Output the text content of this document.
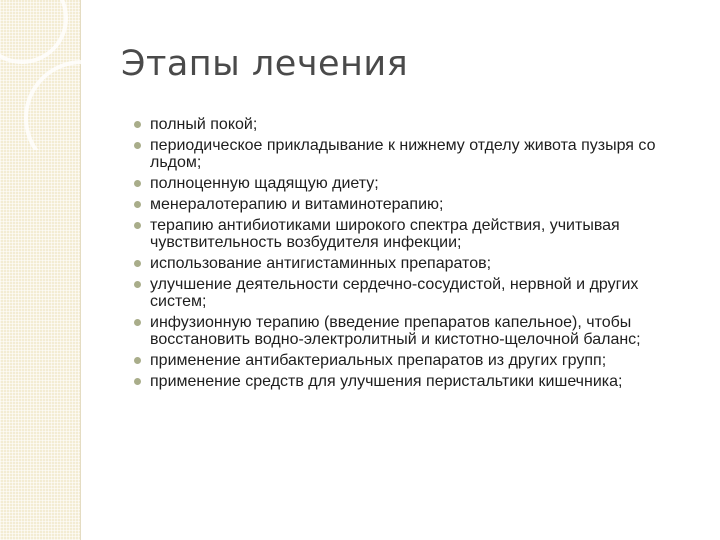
Этапы лечения
полный покой;
периодическое прикладывание к нижнему отделу живота пузыря со льдом;
полноценную щадящую диету;
менералотерапию и витаминотерапию;
терапию антибиотиками широкого спектра действия, учитывая чувствительность возбудителя инфекции;
использование антигистаминных препаратов;
улучшение деятельности сердечно-сосудистой, нервной и других систем;
инфузионную терапию (введение препаратов капельное), чтобы восстановить водно-электролитный и кистотно-щелочной баланс;
применение антибактериальных препаратов из других групп;
применение средств для улучшения перистальтики кишечника;
